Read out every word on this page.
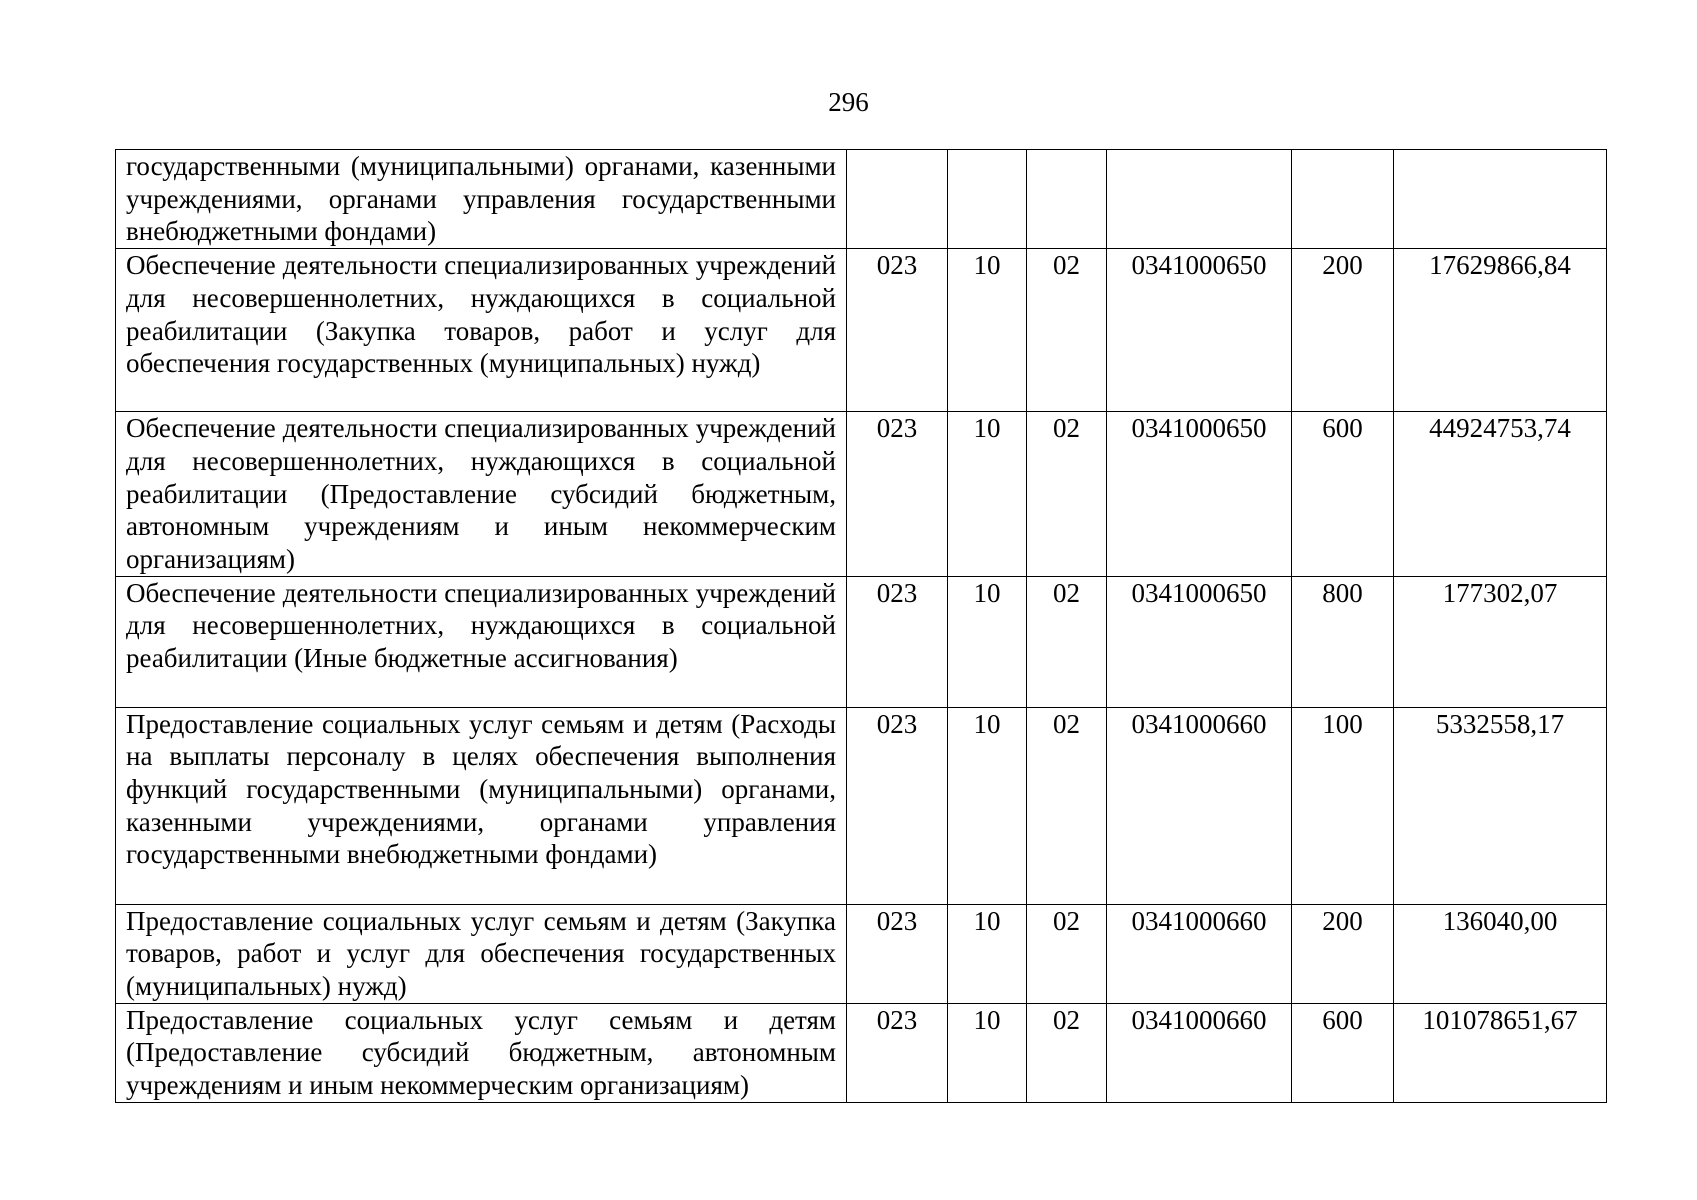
296
государственными (муниципальными) органами, казенными учреждениями, органами управления государственными внебюджетными фондами)						
Обеспечение деятельности специализированных учреждений для несовершеннолетних, нуждающихся в социальной реабилитации (Закупка товаров, работ и услуг для обеспечения государственных (муниципальных) нужд)	023	10	02	0341000650	200	17629866,84
Обеспечение деятельности специализированных учреждений для несовершеннолетних, нуждающихся в социальной реабилитации (Предоставление субсидий бюджетным, автономным учреждениям и иным некоммерческим организациям)	023	10	02	0341000650	600	44924753,74
Обеспечение деятельности специализированных учреждений для несовершеннолетних, нуждающихся в социальной реабилитации (Иные бюджетные ассигнования)	023	10	02	0341000650	800	177302,07
Предоставление социальных услуг семьям и детям (Расходы на выплаты персоналу в целях обеспечения выполнения функций государственными (муниципальными) органами, казенными учреждениями, органами управления государственными внебюджетными фондами)	023	10	02	0341000660	100	5332558,17
Предоставление социальных услуг семьям и детям (Закупка товаров, работ и услуг для обеспечения государственных (муниципальных) нужд)	023	10	02	0341000660	200	136040,00
Предоставление социальных услуг семьям и детям (Предоставление субсидий бюджетным, автономным учреждениям и иным некоммерческим организациям)	023	10	02	0341000660	600	101078651,67
